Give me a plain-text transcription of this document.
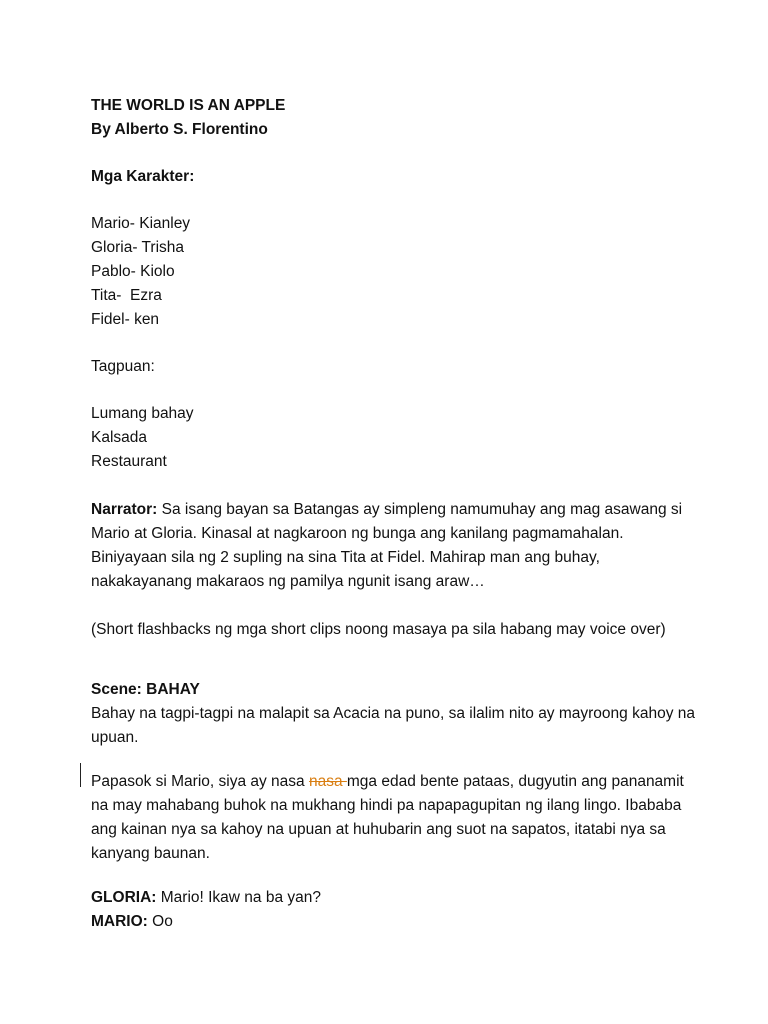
THE WORLD IS AN APPLE
By Alberto S. Florentino
Mga Karakter:
Mario- Kianley
Gloria- Trisha
Pablo- Kiolo
Tita-  Ezra
Fidel- ken
Tagpuan:
Lumang bahay
Kalsada
Restaurant
Narrator: Sa isang bayan sa Batangas ay simpleng namumuhay ang mag asawang si Mario at Gloria. Kinasal at nagkaroon ng bunga ang kanilang pagmamahalan. Biniyayaan sila ng 2 supling na sina Tita at Fidel. Mahirap man ang buhay, nakakayanang makaraos ng pamilya ngunit isang araw…
(Short flashbacks ng mga short clips noong masaya pa sila habang may voice over)
Scene: BAHAY
Bahay na tagpi-tagpi na malapit sa Acacia na puno, sa ilalim nito ay mayroong kahoy na upuan.
Papasok si Mario, siya ay nasa nasa mga edad bente pataas, dugyutin ang pananamit na may mahabang buhok na mukhang hindi pa napapagupitan ng ilang lingo. Ibababa ang kainan nya sa kahoy na upuan at huhubarin ang suot na sapatos, itatabi nya sa kanyang baunan.
GLORIA: Mario! Ikaw na ba yan?
MARIO: Oo
